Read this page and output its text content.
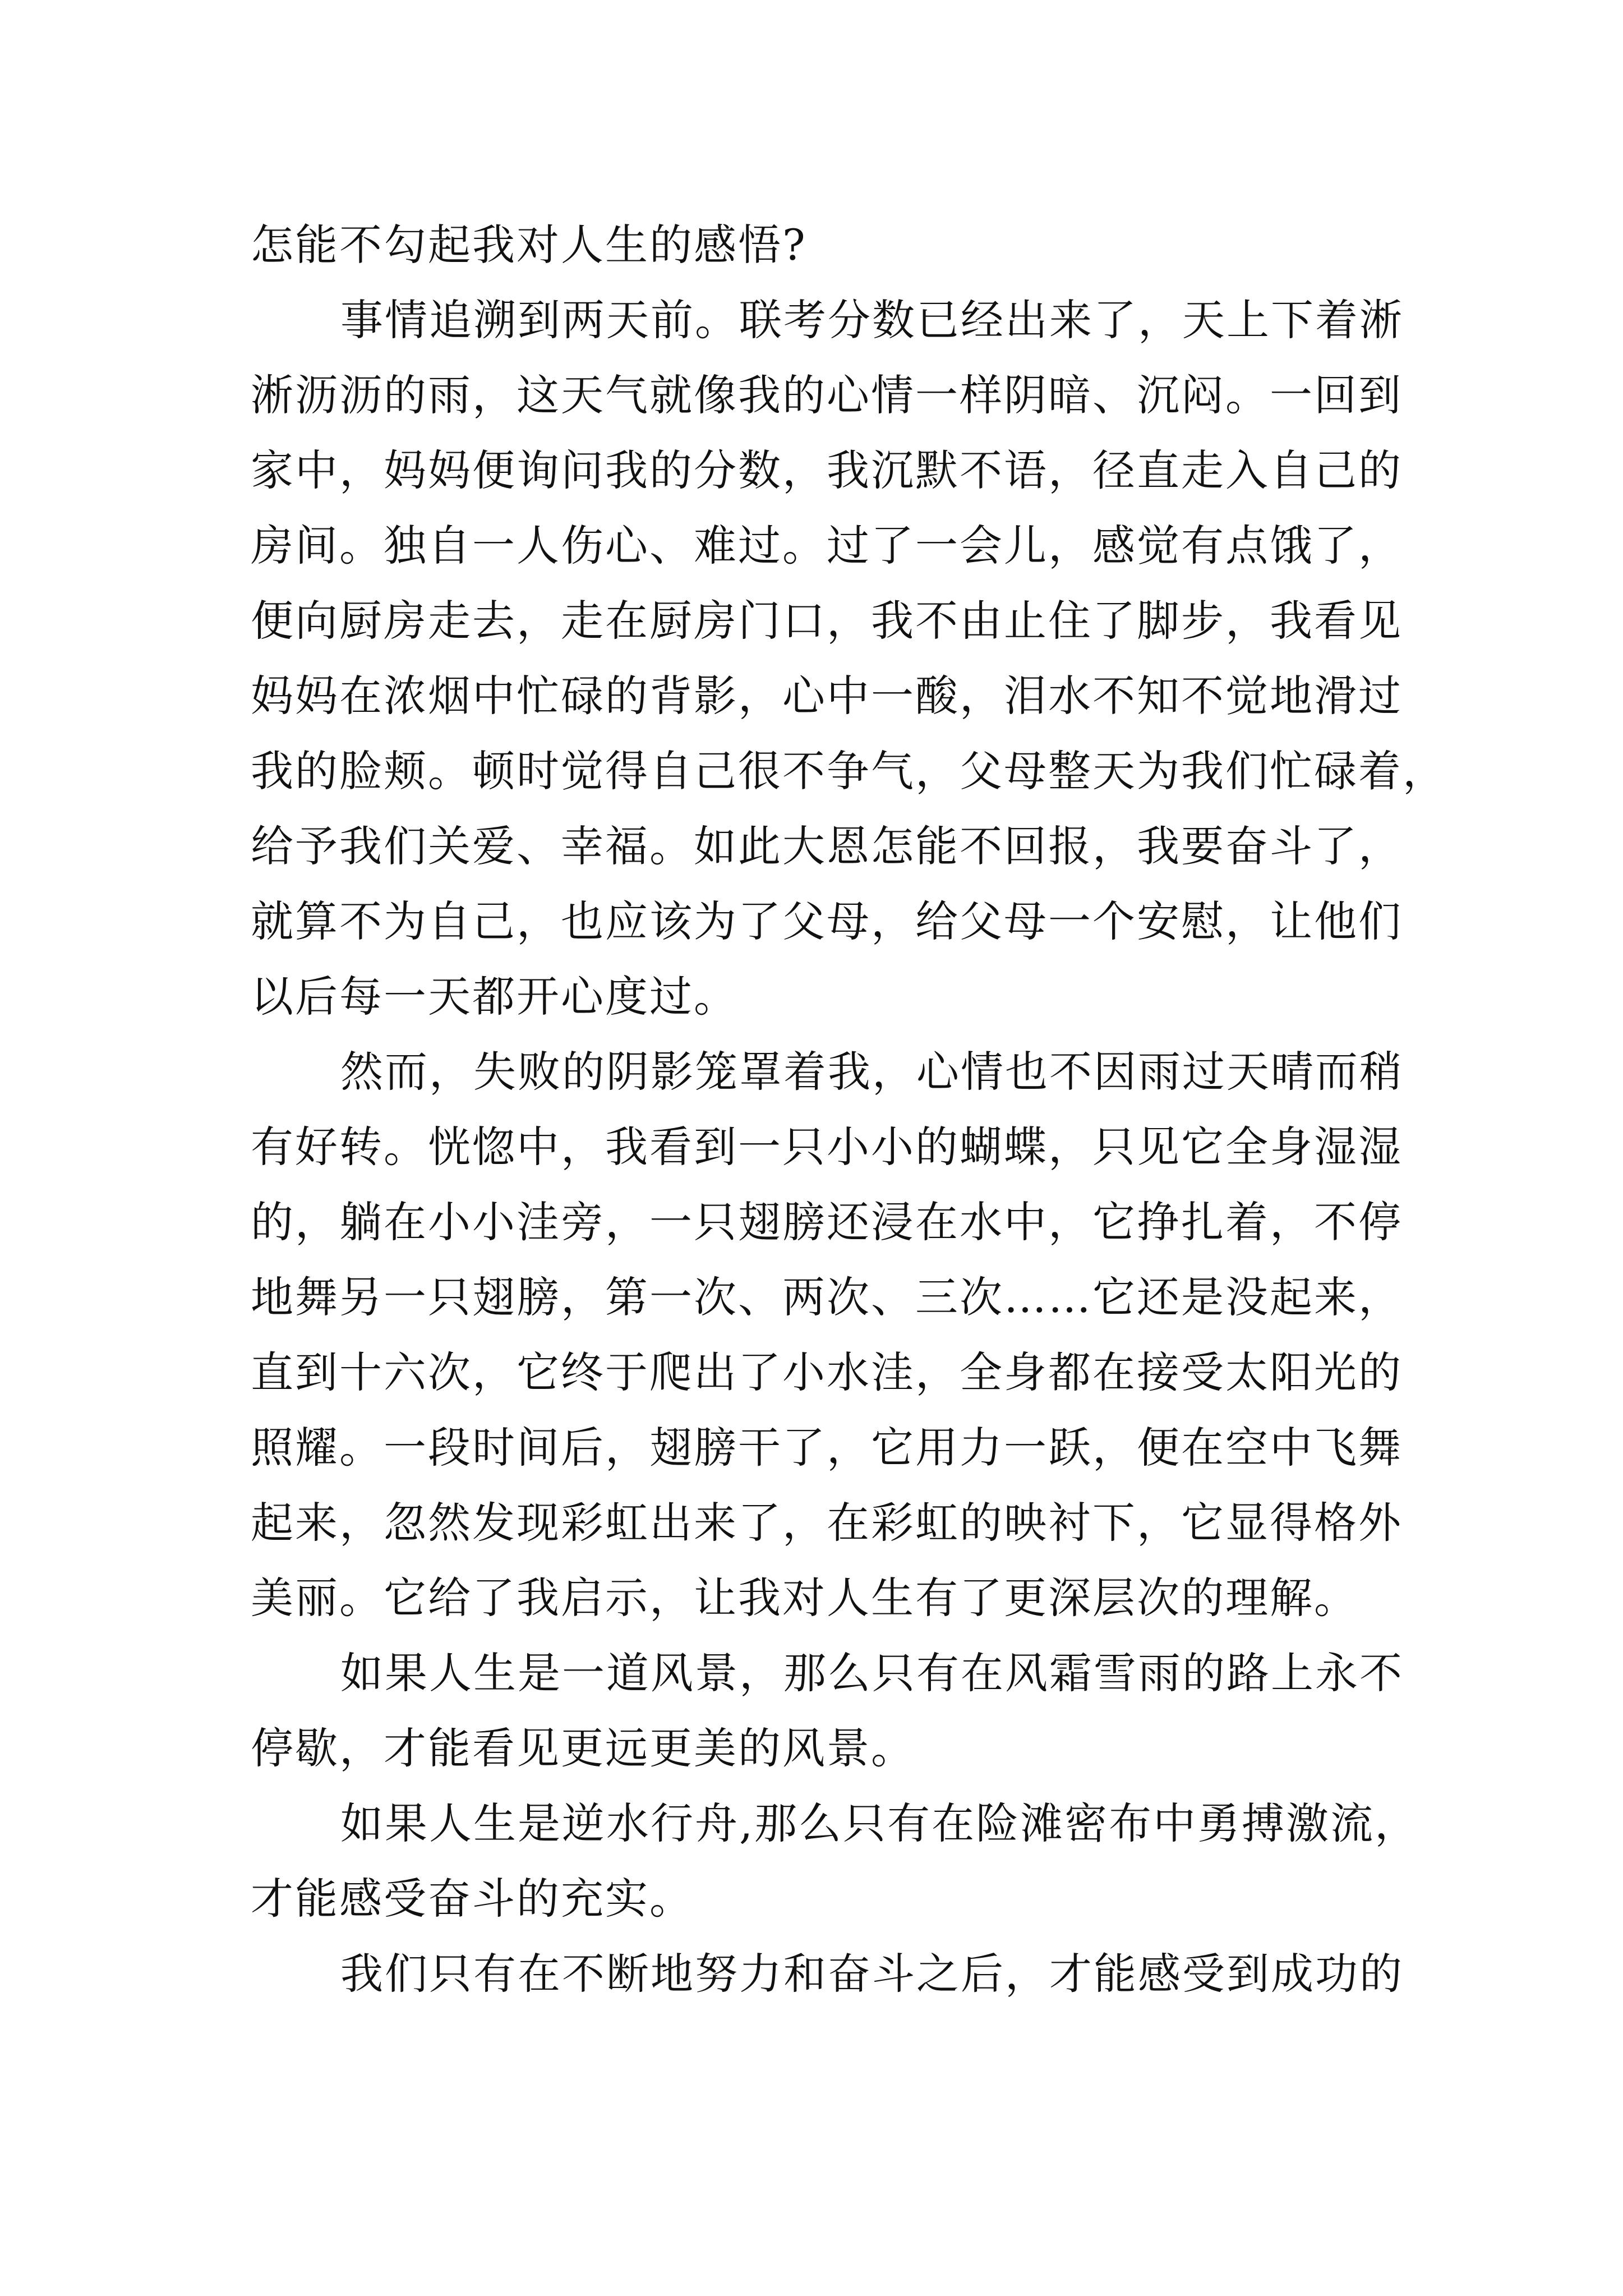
怎能不勾起我对人生的感悟?
事情追溯到两天前。联考分数已经出来了，天上下着淅
淅沥沥的雨，这天气就像我的心情一样阴暗、沉闷。一回到
家中，妈妈便询问我的分数，我沉默不语，径直走入自己的
房间。独自一人伤心、难过。过了一会儿，感觉有点饿了，
便向厨房走去，走在厨房门口，我不由止住了脚步，我看见
妈妈在浓烟中忙碌的背影，心中一酸，泪水不知不觉地滑过
我的脸颊。顿时觉得自己很不争气，父母整天为我们忙碌着，
给予我们关爱、幸福。如此大恩怎能不回报，我要奋斗了，
就算不为自己，也应该为了父母，给父母一个安慰，让他们
以后每一天都开心度过。
然而，失败的阴影笼罩着我，心情也不因雨过天晴而稍
有好转。恍惚中，我看到一只小小的蝴蝶，只见它全身湿湿
的，躺在小小洼旁，一只翅膀还浸在水中，它挣扎着，不停
地舞另一只翅膀，第一次、两次、三次……它还是没起来，
直到十六次，它终于爬出了小水洼，全身都在接受太阳光的
照耀。一段时间后，翅膀干了，它用力一跃，便在空中飞舞
起来，忽然发现彩虹出来了，在彩虹的映衬下，它显得格外
美丽。它给了我启示，让我对人生有了更深层次的理解。
如果人生是一道风景，那么只有在风霜雪雨的路上永不
停歇，才能看见更远更美的风景。
如果人生是逆水行舟,那么只有在险滩密布中勇搏激流，
才能感受奋斗的充实。
我们只有在不断地努力和奋斗之后，才能感受到成功的
